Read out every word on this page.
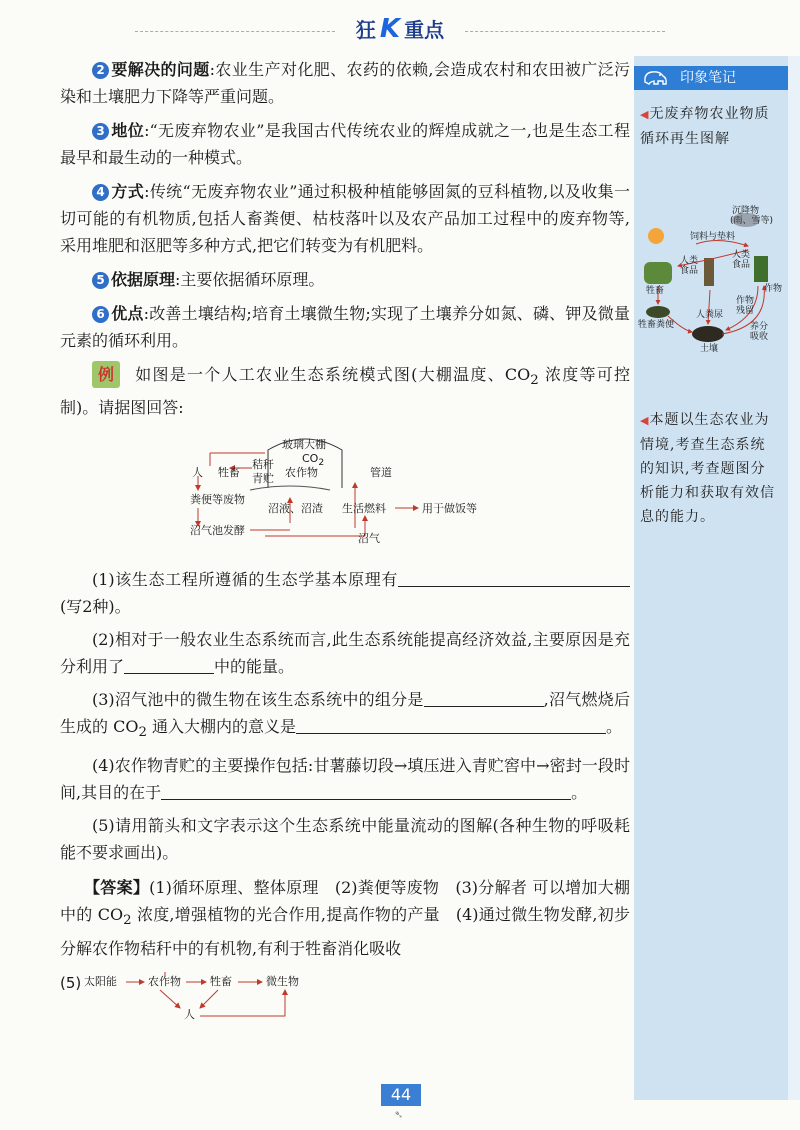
狂 K 重点

2 要解决的问题:农业生产对化肥、农药的依赖,会造成农村和农田被广泛污染和土壤肥力下降等严重问题。

3 地位:“无废弃物农业”是我国古代传统农业的辉煌成就之一,也是生态工程最早和最生动的一种模式。

4 方式:传统“无废弃物农业”通过积极种植能够固氮的豆科植物,以及收集一切可能的有机物质,包括人畜粪便、枯枝落叶以及农产品加工过程中的废弃物等,采用堆肥和沤肥等多种方式,把它们转变为有机肥料。

5 依据原理:主要依据循环原理。

6 优点:改善土壤结构;培育土壤微生物;实现了土壤养分如氮、磷、钾及微量元素的循环利用。

例 如图是一个人工农业生态系统模式图(大棚温度、$CO_2$ 浓度等可控制)。请据图回答:

玻璃大棚
$CO_2$
秸秆
青贮 农作物
人 牲畜	管道
粪便等废物
沼液、沼渣 生活燃料	用于做饭等
沼气池发酵
沼气

(1)该生态工程所遵循的生态学基本原理有(写2种)。

(2)相对于一般农业生态系统而言,此生态系统能提高经济效益,主要原因是充分利用了	中的能量。

(3)沼气池中的微生物在该生态系统中的组分是	,沼气燃烧后生成的 $CO_2$ 通入大棚内的意义是	。

(4)农作物青贮的主要操作包括:甘薯藤切段→填压进入青贮窖中→密封一段时间,其目的在于	。

(5)请用箭头和文字表示这个生态系统中能量流动的图解(各种生物的呼吸耗能不要求画出)。

【答案】(1)循环原理、整体原理 (2)粪便等废物 (3)分解者 可以增加大棚中的 $CO_2$ 浓度,增强植物的光合作用,提高作物的产量 (4)通过微生物发酵,初步分解农作物秸秆中的有机物,有利于牲畜消化吸收

(5) 太阳能	农作物	牲畜	微生物
人
印象笔记
◀无废弃物农业物质循环再生图解
沉降物
(雨、雪等)
饲料与垫料
人类
食品
人类
食品
牲畜	作物
作物
残留
人粪尿
牲畜粪便	养分
吸收
土壤
◀本题以生态农业为情境,考查生态系统的知识,考查题图分析能力和获取有效信息的能力。
44
➴
